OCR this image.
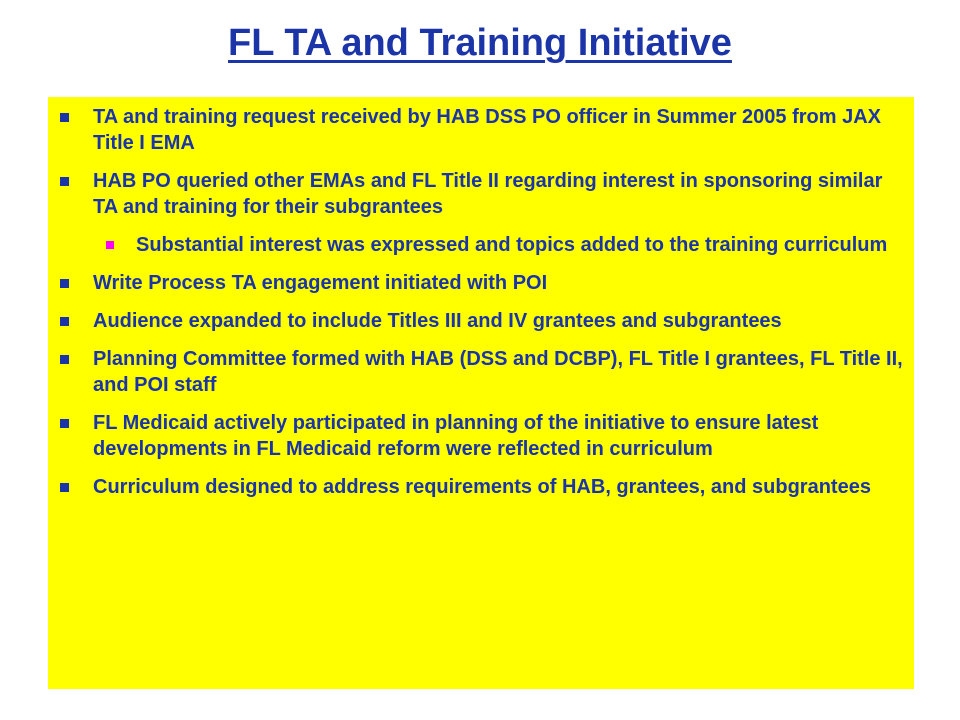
FL TA and Training Initiative
TA and training request received by HAB DSS PO officer in Summer 2005 from JAX Title I EMA
HAB PO queried other EMAs and FL Title II regarding interest in sponsoring similar TA and training for their subgrantees
Substantial interest was expressed and topics added to the training curriculum
Write Process TA engagement initiated with POI
Audience expanded to include Titles III and IV grantees and subgrantees
Planning Committee formed with HAB (DSS and DCBP), FL Title I grantees, FL Title II, and POI staff
FL Medicaid actively participated in planning of the initiative to ensure latest developments in FL Medicaid reform were reflected in curriculum
Curriculum designed to address requirements of HAB, grantees, and subgrantees
